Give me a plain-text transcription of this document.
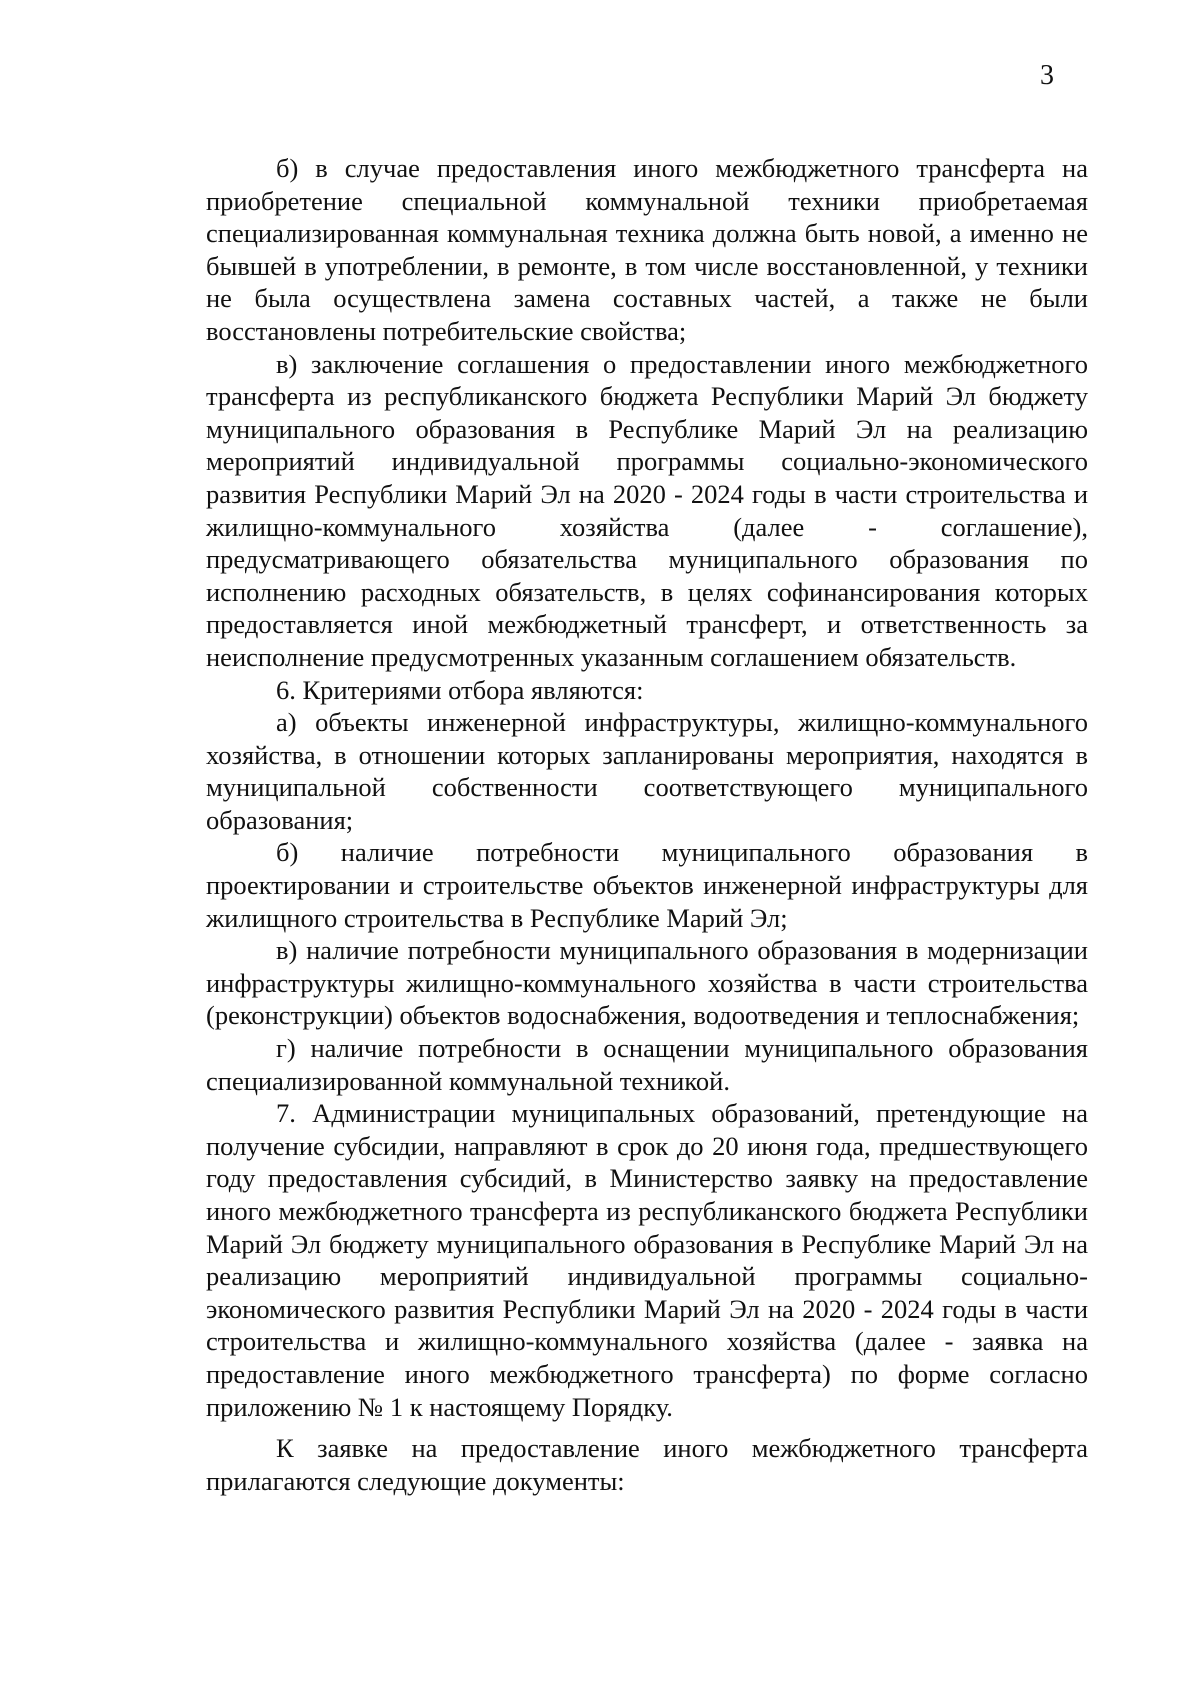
3

б) в случае предоставления иного межбюджетного трансферта на приобретение специальной коммунальной техники приобретаемая специализированная коммунальная техника должна быть новой, а именно не бывшей в употреблении, в ремонте, в том числе восстановленной, у техники не была осуществлена замена составных частей, а также не были восстановлены потребительские свойства;

в) заключение соглашения о предоставлении иного межбюджетного трансферта из республиканского бюджета Республики Марий Эл бюджету муниципального образования в Республике Марий Эл на реализацию мероприятий индивидуальной программы социально-экономического развития Республики Марий Эл на 2020 - 2024 годы в части строительства и жилищно-коммунального хозяйства (далее - соглашение), предусматривающего обязательства муниципального образования по исполнению расходных обязательств, в целях софинансирования которых предоставляется иной межбюджетный трансферт, и ответственность за неисполнение предусмотренных указанным соглашением обязательств.

6. Критериями отбора являются:

а) объекты инженерной инфраструктуры, жилищно-коммунального хозяйства, в отношении которых запланированы мероприятия, находятся в муниципальной собственности соответствующего муниципального образования;

б) наличие потребности муниципального образования в проектировании и строительстве объектов инженерной инфраструктуры для жилищного строительства в Республике Марий Эл;

в) наличие потребности муниципального образования в модернизации инфраструктуры жилищно-коммунального хозяйства в части строительства (реконструкции) объектов водоснабжения, водоотведения и теплоснабжения;

г) наличие потребности в оснащении муниципального образования специализированной коммунальной техникой.

7. Администрации муниципальных образований, претендующие на получение субсидии, направляют в срок до 20 июня года, предшествующего году предоставления субсидий, в Министерство заявку на предоставление иного межбюджетного трансферта из республиканского бюджета Республики Марий Эл бюджету муниципального образования в Республике Марий Эл на реализацию мероприятий индивидуальной программы социально-экономического развития Республики Марий Эл на 2020 - 2024 годы в части строительства и жилищно-коммунального хозяйства (далее - заявка на предоставление иного межбюджетного трансферта) по форме согласно приложению № 1 к настоящему Порядку.

К заявке на предоставление иного межбюджетного трансферта прилагаются следующие документы:
